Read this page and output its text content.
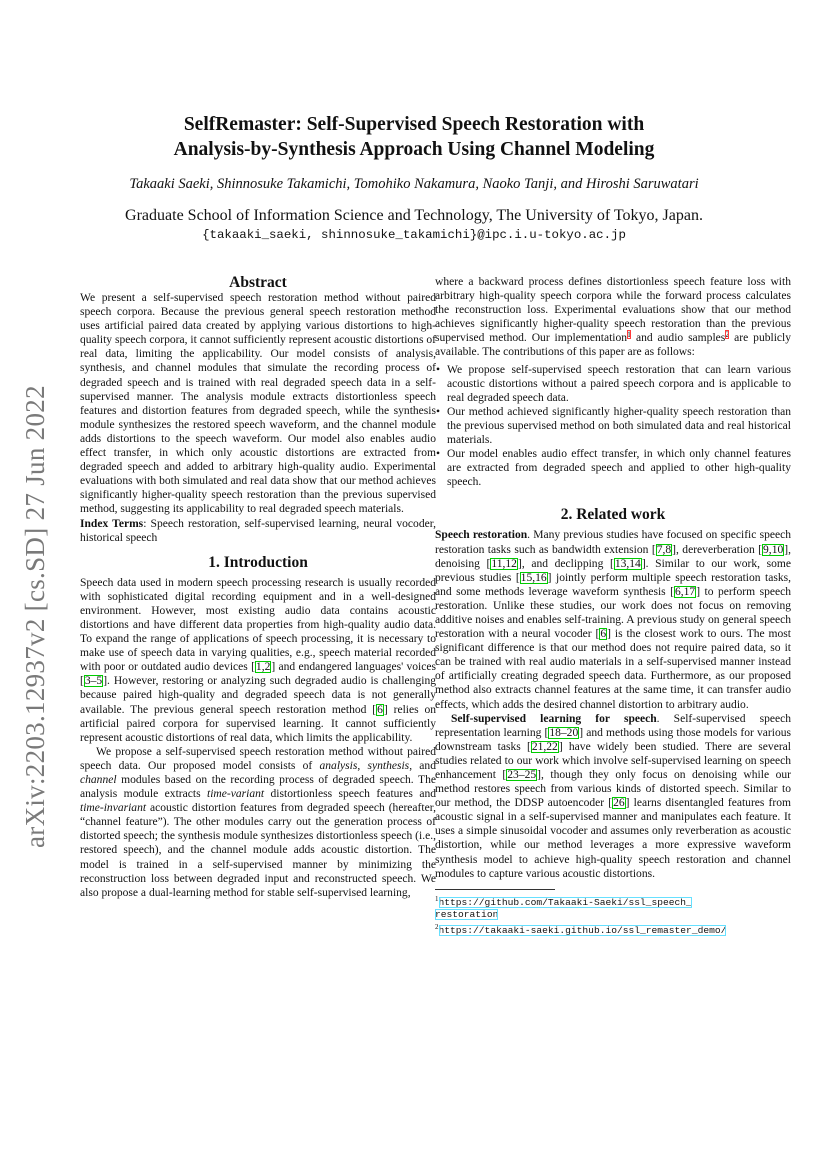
arXiv:2203.12937v2 [cs.SD] 27 Jun 2022
SelfRemaster: Self-Supervised Speech Restoration with
Analysis-by-Synthesis Approach Using Channel Modeling
Takaaki Saeki, Shinnosuke Takamichi, Tomohiko Nakamura, Naoko Tanji, and Hiroshi Saruwatari
Graduate School of Information Science and Technology, The University of Tokyo, Japan.
{takaaki_saeki, shinnosuke_takamichi}@ipc.i.u-tokyo.ac.jp
Abstract

We present a self-supervised speech restoration method without paired speech corpora. Because the previous general speech restoration method uses artificial paired data created by applying various distortions to high-quality speech corpora, it cannot sufficiently represent acoustic distortions of real data, limiting the applicability. Our model consists of analysis, synthesis, and channel modules that simulate the recording process of degraded speech and is trained with real degraded speech data in a self-supervised manner. The analysis module extracts distortionless speech features and distortion features from degraded speech, while the synthesis module synthesizes the restored speech waveform, and the channel module adds distortions to the speech waveform. Our model also enables audio effect transfer, in which only acoustic distortions are extracted from degraded speech and added to arbitrary high-quality audio. Experimental evaluations with both simulated and real data show that our method achieves significantly higher-quality speech restoration than the previous supervised method, suggesting its applicability to real degraded speech materials.

Index Terms: Speech restoration, self-supervised learning, neural vocoder, historical speech

1. Introduction

Speech data used in modern speech processing research is usually recorded with sophisticated digital recording equipment and in a well-designed environment. However, most existing audio data contains acoustic distortions and have different data properties from high-quality audio data. To expand the range of applications of speech processing, it is necessary to make use of speech data in varying qualities, e.g., speech material recorded with poor or outdated audio devices [1,2] and endangered languages' voices [3–5]. However, restoring or analyzing such degraded audio is challenging because paired high-quality and degraded speech data is not generally available. The previous general speech restoration method [6] relies on artificial paired corpora for supervised learning. It cannot sufficiently represent acoustic distortions of real data, which limits the applicability.

We propose a self-supervised speech restoration method without paired speech data. Our proposed model consists of analysis, synthesis, and channel modules based on the recording process of degraded speech. The analysis module extracts time-variant distortionless speech features and time-invariant acoustic distortion features from degraded speech (hereafter, “channel feature”). The other modules carry out the generation process of distorted speech; the synthesis module synthesizes distortionless speech (i.e., restored speech), and the channel module adds acoustic distortion. The model is trained in a self-supervised manner by minimizing the reconstruction loss between degraded input and reconstructed speech. We also propose a dual-learning method for stable self-supervised learning,

where a backward process defines distortionless speech feature loss with arbitrary high-quality speech corpora while the forward process calculates the reconstruction loss. Experimental evaluations show that our method achieves significantly higher-quality speech restoration than the previous supervised method. Our implementation$^1$ and audio samples$^2$ are publicly available. The contributions of this paper are as follows:

• We propose self-supervised speech restoration that can learn various acoustic distortions without a paired speech corpora and is applicable to real degraded speech data.
• Our method achieved significantly higher-quality speech restoration than the previous supervised method on both simulated data and real historical materials.
• Our model enables audio effect transfer, in which only channel features are extracted from degraded speech and applied to other high-quality speech.
2. Related work

Speech restoration. Many previous studies have focused on specific speech restoration tasks such as bandwidth extension [7,8], dereverberation [9,10], denoising [11,12], and declipping [13,14]. Similar to our work, some previous studies [15,16] jointly perform multiple speech restoration tasks, and some methods leverage waveform synthesis [6,17] to perform speech restoration. Unlike these studies, our work does not focus on removing additive noises and enables self-training. A previous study on general speech restoration with a neural vocoder [6] is the closest work to ours. The most significant difference is that our method does not require paired data, so it can be trained with real audio materials in a self-supervised manner instead of artificially creating degraded speech data. Furthermore, as our proposed method also extracts channel features at the same time, it can transfer audio effects, which adds the desired channel distortion to arbitrary audio.

Self-supervised learning for speech. Self-supervised speech representation learning [18–20] and methods using those models for various downstream tasks [21,22] have widely been studied. There are several studies related to our work which involve self-supervised learning on speech enhancement [23–25], though they only focus on denoising while our method restores speech from various kinds of distorted speech. Similar to our method, the DDSP autoencoder [26] learns disentangled features from acoustic signal in a self-supervised manner and manipulates each feature. It uses a simple sinusoidal vocoder and assumes only reverberation as acoustic distortion, while our method leverages a more expressive waveform synthesis model to achieve high-quality speech restoration and channel modules to capture various acoustic distortions.

$^1$https://github.com/Takaaki-Saeki/ssl_speech_
restoration
$^2$https://takaaki-saeki.github.io/ssl_remaster_demo/
